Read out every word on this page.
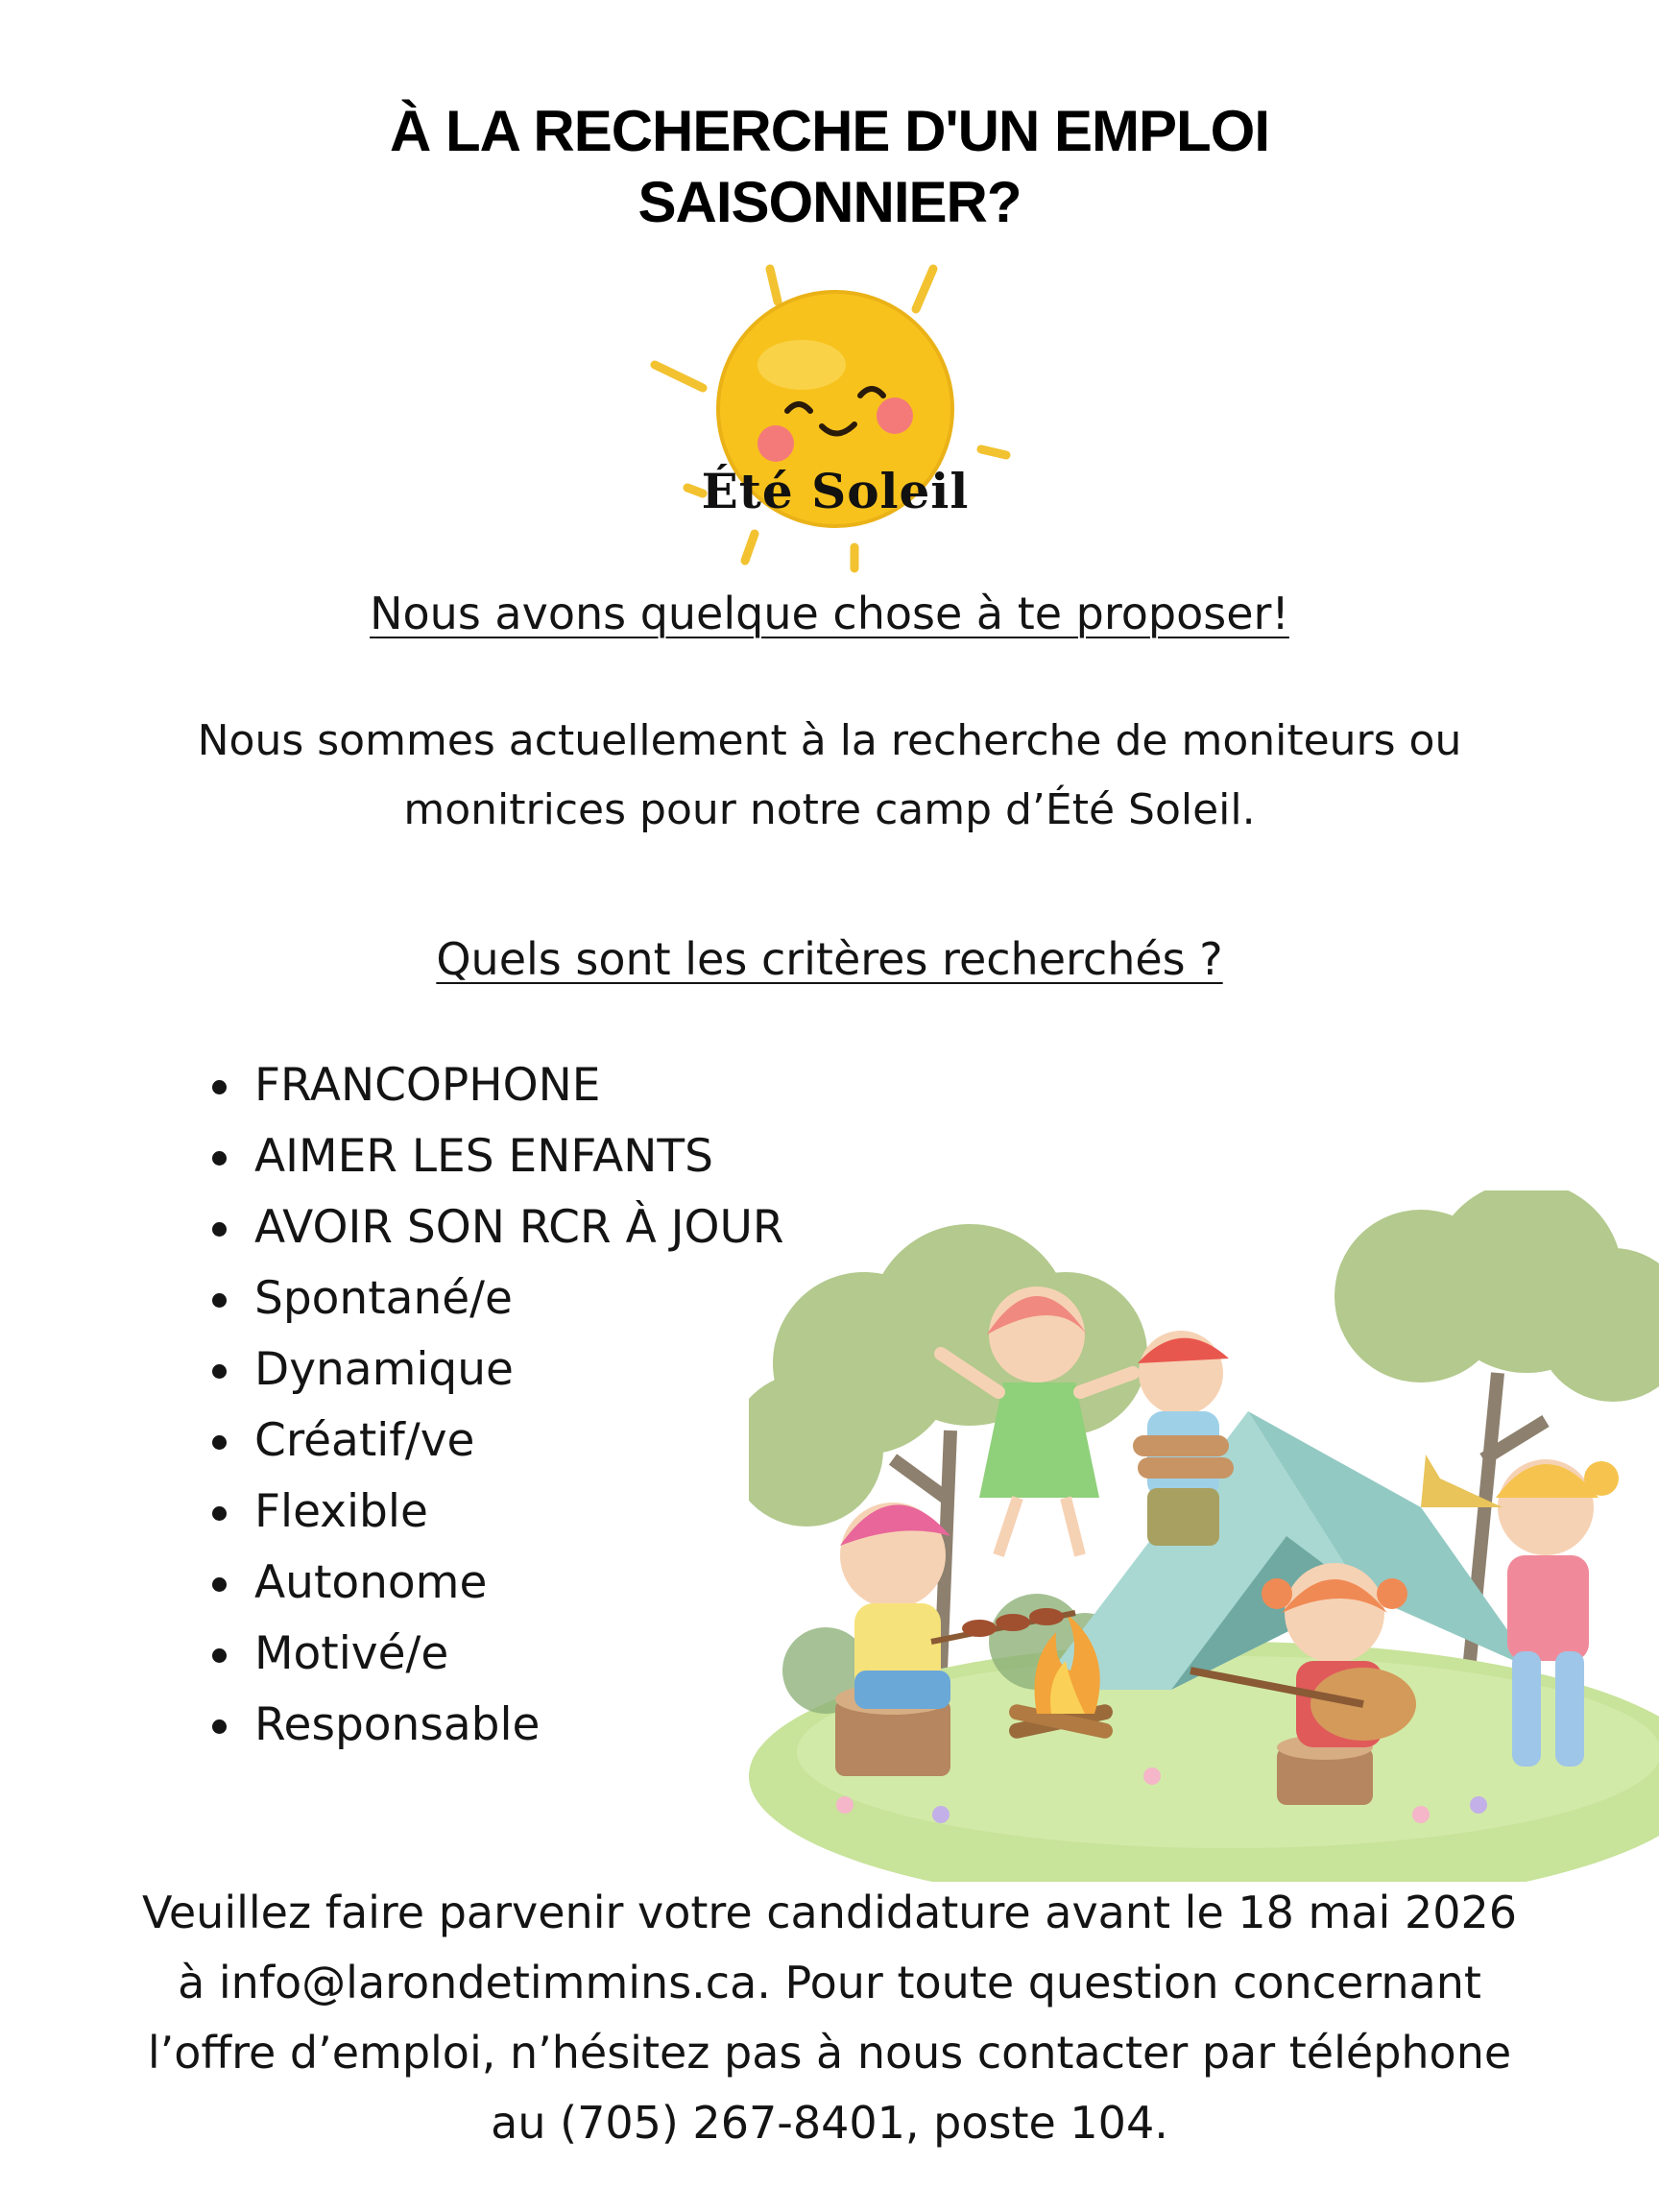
À LA RECHERCHE D'UN EMPLOI
SAISONNIER?
Été Soleil
Nous avons quelque chose à te proposer!
Nous sommes actuellement à la recherche de moniteurs ou
monitrices pour notre camp d’Été Soleil.
Quels sont les critères recherchés ?
FRANCOPHONE
AIMER LES ENFANTS
AVOIR SON RCR À JOUR
Spontané/e
Dynamique
Créatif/ve
Flexible
Autonome
Motivé/e
Responsable
Veuillez faire parvenir votre candidature avant le 18 mai 2026
à info@larondetimmins.ca. Pour toute question concernant
l’offre d’emploi, n’hésitez pas à nous contacter par téléphone
au (705) 267-8401, poste 104.
